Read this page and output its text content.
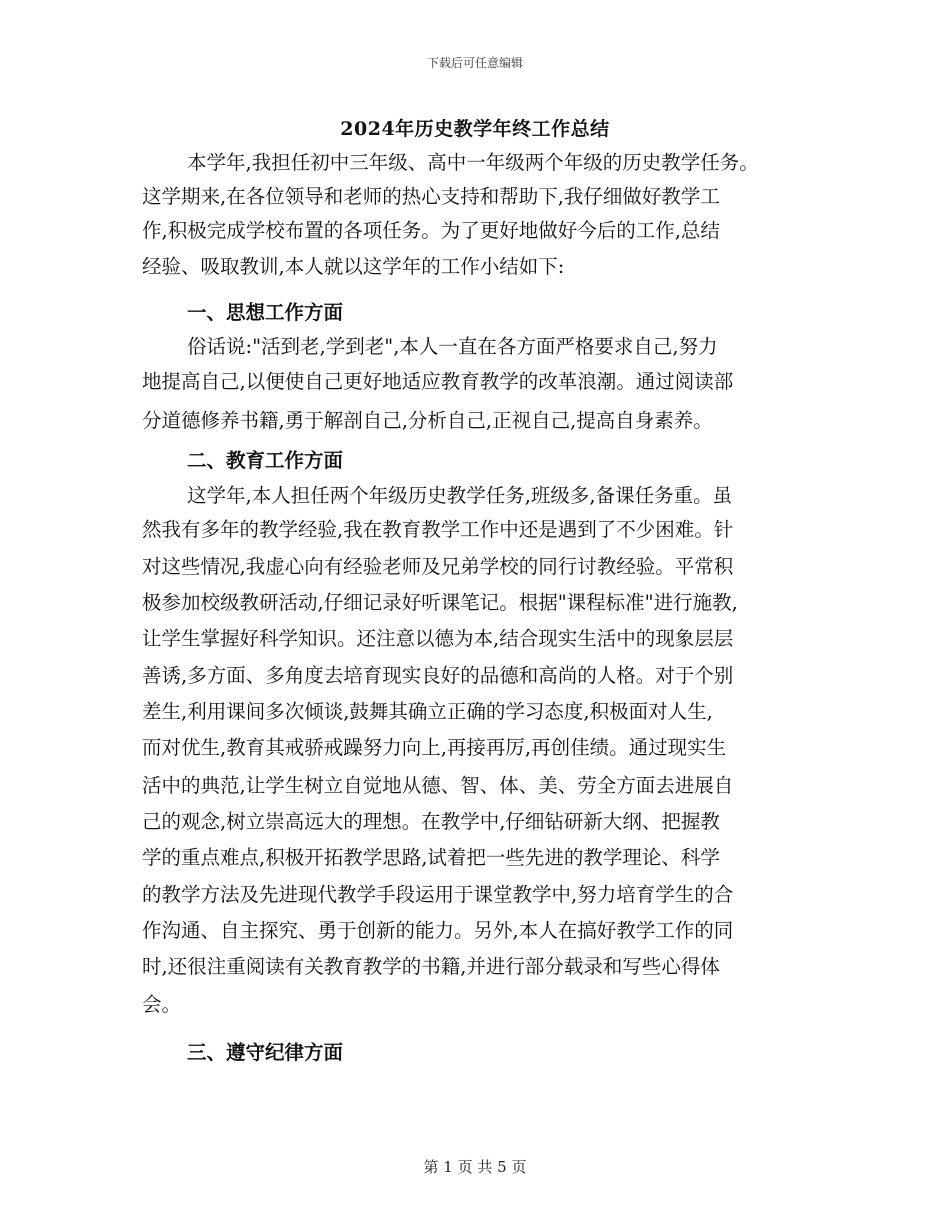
下载后可任意编辑
2024年历史教学年终工作总结
本学年,我担任初中三年级、高中一年级两个年级的历史教学任务。
这学期来,在各位领导和老师的热心支持和帮助下,我仔细做好教学工
作,积极完成学校布置的各项任务。为了更好地做好今后的工作,总结
经验、吸取教训,本人就以这学年的工作小结如下:
一、思想工作方面
俗话说:"活到老,学到老",本人一直在各方面严格要求自己,努力
地提高自己,以便使自己更好地适应教育教学的改革浪潮。通过阅读部
分道德修养书籍,勇于解剖自己,分析自己,正视自己,提高自身素养。
二、教育工作方面
这学年,本人担任两个年级历史教学任务,班级多,备课任务重。虽
然我有多年的教学经验,我在教育教学工作中还是遇到了不少困难。针
对这些情况,我虚心向有经验老师及兄弟学校的同行讨教经验。平常积
极参加校级教研活动,仔细记录好听课笔记。根据"课程标准"进行施教,
让学生掌握好科学知识。还注意以德为本,结合现实生活中的现象层层
善诱,多方面、多角度去培育现实良好的品德和高尚的人格。对于个别
差生,利用课间多次倾谈,鼓舞其确立正确的学习态度,积极面对人生,
而对优生,教育其戒骄戒躁努力向上,再接再厉,再创佳绩。通过现实生
活中的典范,让学生树立自觉地从德、智、体、美、劳全方面去进展自
己的观念,树立崇高远大的理想。在教学中,仔细钻研新大纲、把握教
学的重点难点,积极开拓教学思路,试着把一些先进的教学理论、科学
的教学方法及先进现代教学手段运用于课堂教学中,努力培育学生的合
作沟通、自主探究、勇于创新的能力。另外,本人在搞好教学工作的同
时,还很注重阅读有关教育教学的书籍,并进行部分载录和写些心得体
会。
三、遵守纪律方面
第 1 页 共 5 页
